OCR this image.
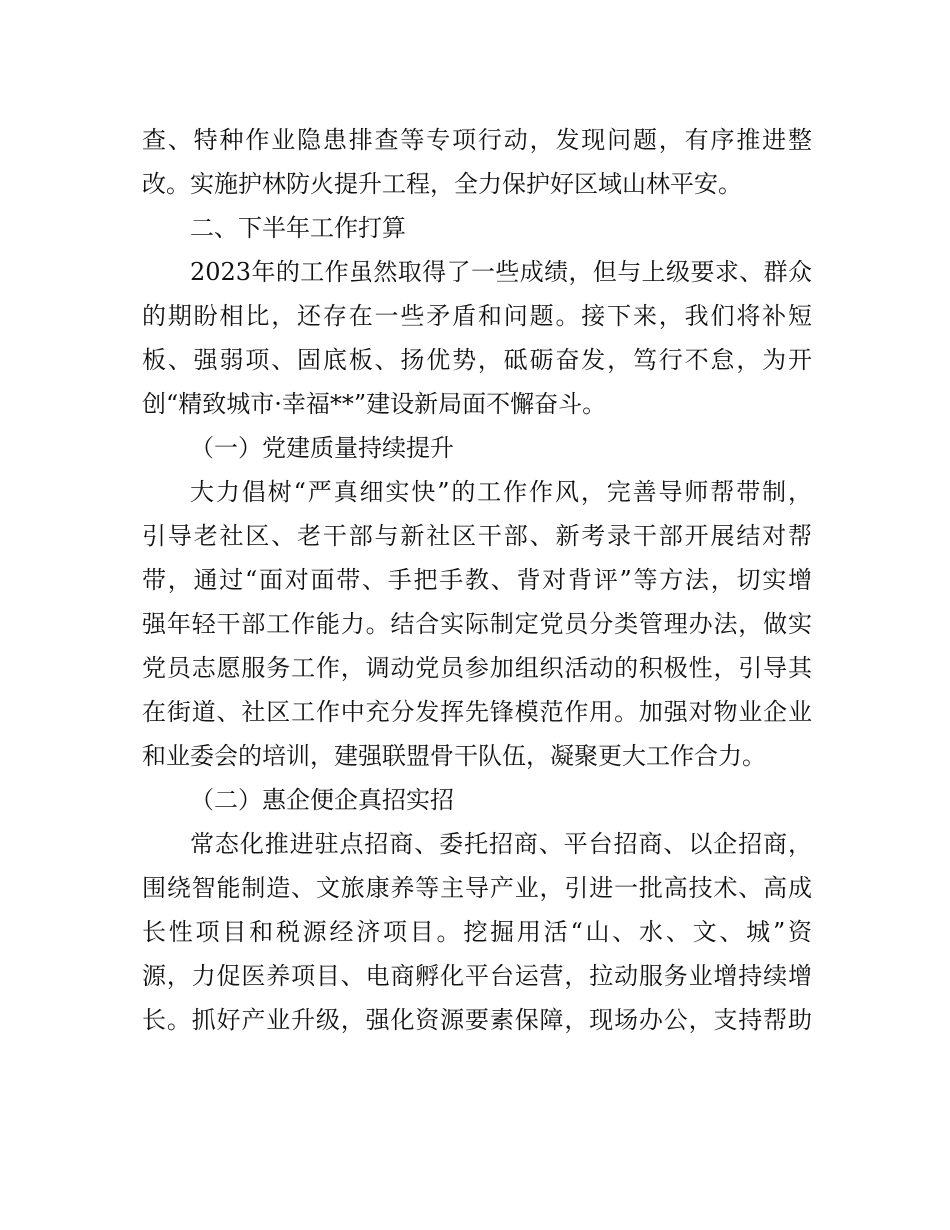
查、特种作业隐患排查等专项行动，发现问题，有序推进整

改。实施护林防火提升工程，全力保护好区域山林平安。

二、下半年工作打算

2023年的工作虽然取得了一些成绩，但与上级要求、群众

的期盼相比，还存在一些矛盾和问题。接下来，我们将补短

板、强弱项、固底板、扬优势，砥砺奋发，笃行不怠，为开

创“精致城市·幸福**”建设新局面不懈奋斗。

（一）党建质量持续提升

大力倡树“严真细实快”的工作作风，完善导师帮带制，

引导老社区、老干部与新社区干部、新考录干部开展结对帮

带，通过“面对面带、手把手教、背对背评”等方法，切实增

强年轻干部工作能力。结合实际制定党员分类管理办法，做实

党员志愿服务工作，调动党员参加组织活动的积极性，引导其

在街道、社区工作中充分发挥先锋模范作用。加强对物业企业

和业委会的培训，建强联盟骨干队伍，凝聚更大工作合力。

（二）惠企便企真招实招

常态化推进驻点招商、委托招商、平台招商、以企招商，

围绕智能制造、文旅康养等主导产业，引进一批高技术、高成

长性项目和税源经济项目。挖掘用活“山、水、文、城”资

源，力促医养项目、电商孵化平台运营，拉动服务业增持续增

长。抓好产业升级，强化资源要素保障，现场办公，支持帮助
